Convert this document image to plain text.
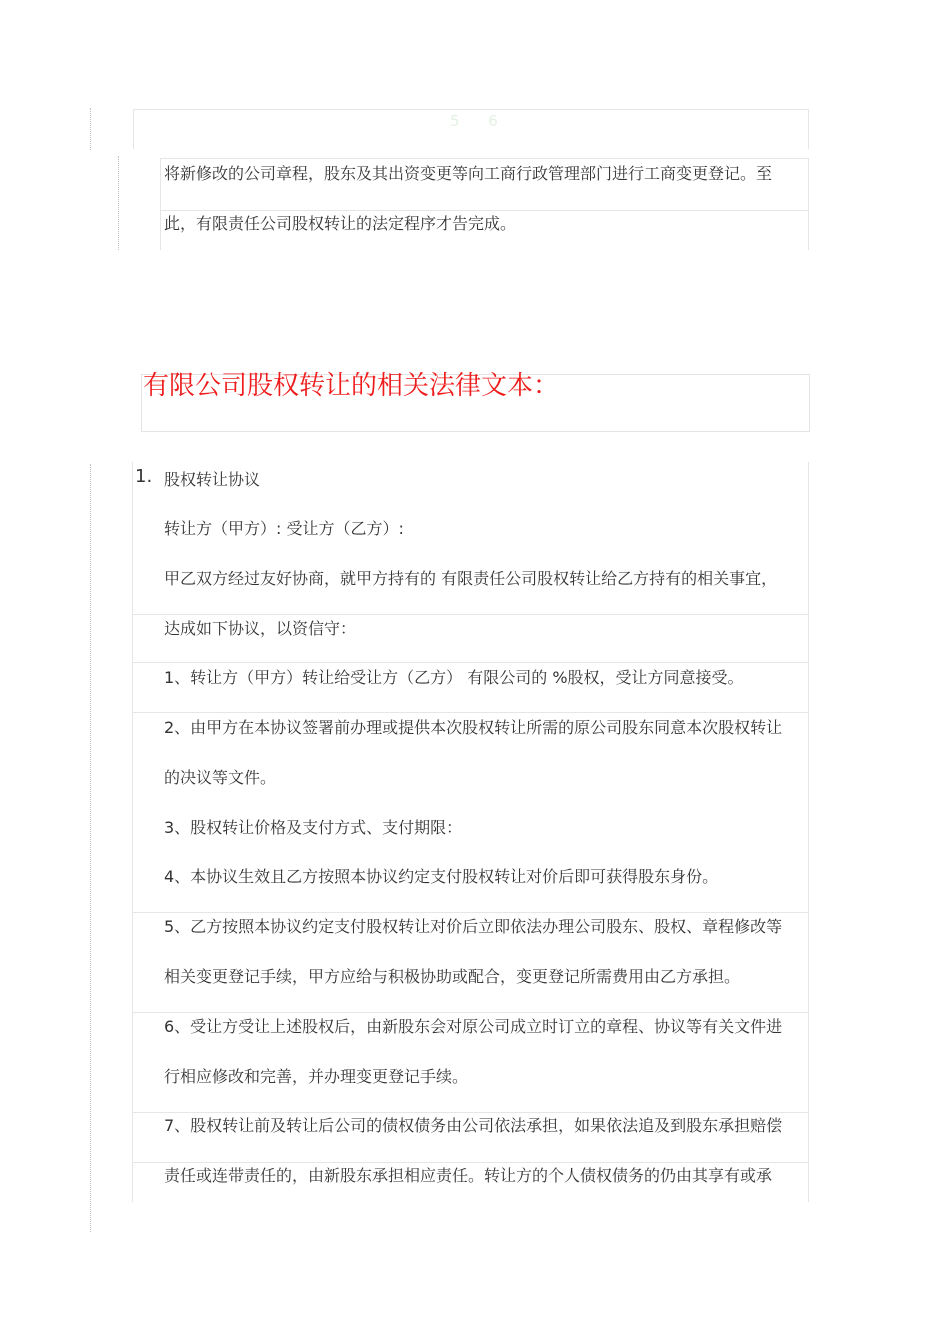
5 6
将新修改的公司章程，股东及其出资变更等向工商行政管理部门进行工商变更登记。至
此，有限责任公司股权转让的法定程序才告完成。
有限公司股权转让的相关法律文本：
1. 股权转让协议
转让方（甲方）: 受让方（乙方）:
甲乙双方经过友好协商，就甲方持有的 有限责任公司股权转让给乙方持有的相关事宜，
达成如下协议，以资信守：
1、转让方（甲方）转让给受让方（乙方） 有限公司的 %股权，受让方同意接受。
2、由甲方在本协议签署前办理或提供本次股权转让所需的原公司股东同意本次股权转让
的决议等文件。
3、股权转让价格及支付方式、支付期限：
4、本协议生效且乙方按照本协议约定支付股权转让对价后即可获得股东身份。
5、乙方按照本协议约定支付股权转让对价后立即依法办理公司股东、股权、章程修改等
相关变更登记手续，甲方应给与积极协助或配合，变更登记所需费用由乙方承担。
6、受让方受让上述股权后，由新股东会对原公司成立时订立的章程、协议等有关文件进
行相应修改和完善，并办理变更登记手续。
7、股权转让前及转让后公司的债权债务由公司依法承担，如果依法追及到股东承担赔偿
责任或连带责任的，由新股东承担相应责任。转让方的个人债权债务的仍由其享有或承
